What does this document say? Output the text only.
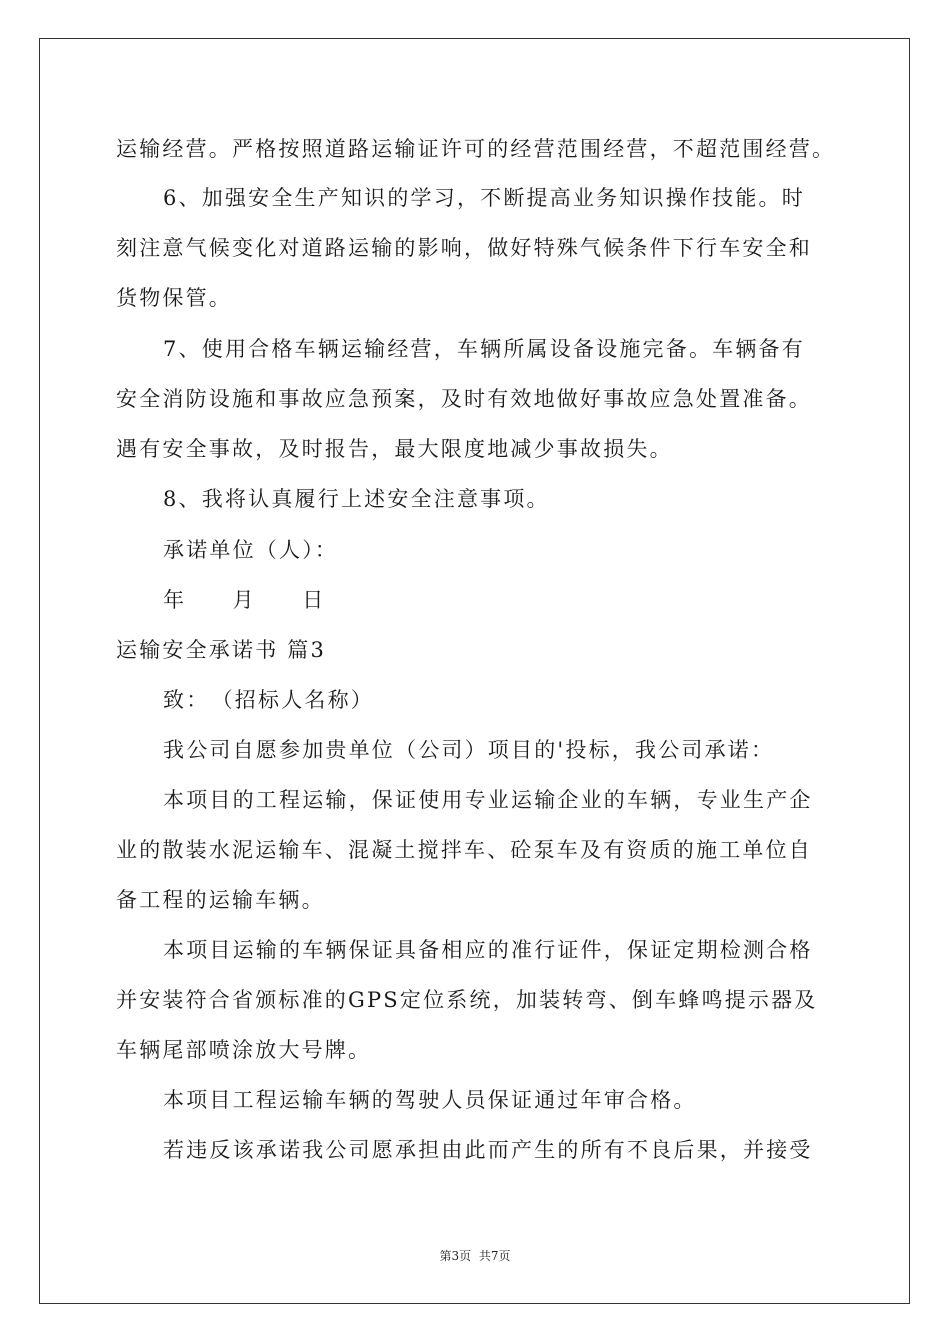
运输经营。严格按照道路运输证许可的经营范围经营，不超范围经营。
6、加强安全生产知识的学习，不断提高业务知识操作技能。时
刻注意气候变化对道路运输的影响，做好特殊气候条件下行车安全和
货物保管。
7、使用合格车辆运输经营，车辆所属设备设施完备。车辆备有
安全消防设施和事故应急预案，及时有效地做好事故应急处置准备。
遇有安全事故，及时报告，最大限度地减少事故损失。
8、我将认真履行上述安全注意事项。
承诺单位（人）：
年　　月　　日
运输安全承诺书 篇3
致：　（招标人名称）
我公司自愿参加贵单位（公司）项目的'投标，我公司承诺：
本项目的工程运输，保证使用专业运输企业的车辆，专业生产企
业的散装水泥运输车、混凝土搅拌车、砼泵车及有资质的施工单位自
备工程的运输车辆。
本项目运输的车辆保证具备相应的准行证件，保证定期检测合格
并安装符合省颁标准的GPS定位系统，加装转弯、倒车蜂鸣提示器及
车辆尾部喷涂放大号牌。
本项目工程运输车辆的驾驶人员保证通过年审合格。
若违反该承诺我公司愿承担由此而产生的所有不良后果，并接受
第3页 共7页
